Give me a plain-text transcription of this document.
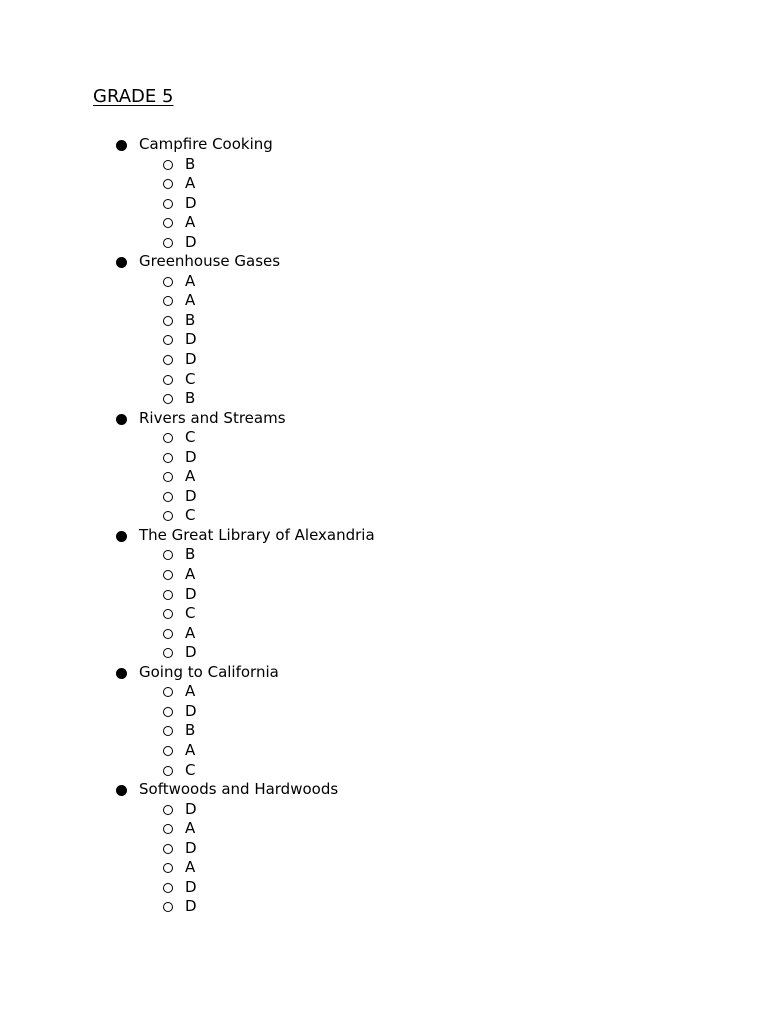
GRADE 5
Campfire Cooking
B
A
D
A
D
Greenhouse Gases
A
A
B
D
D
C
B
Rivers and Streams
C
D
A
D
C
The Great Library of Alexandria
B
A
D
C
A
D
Going to California
A
D
B
A
C
Softwoods and Hardwoods
D
A
D
A
D
D
